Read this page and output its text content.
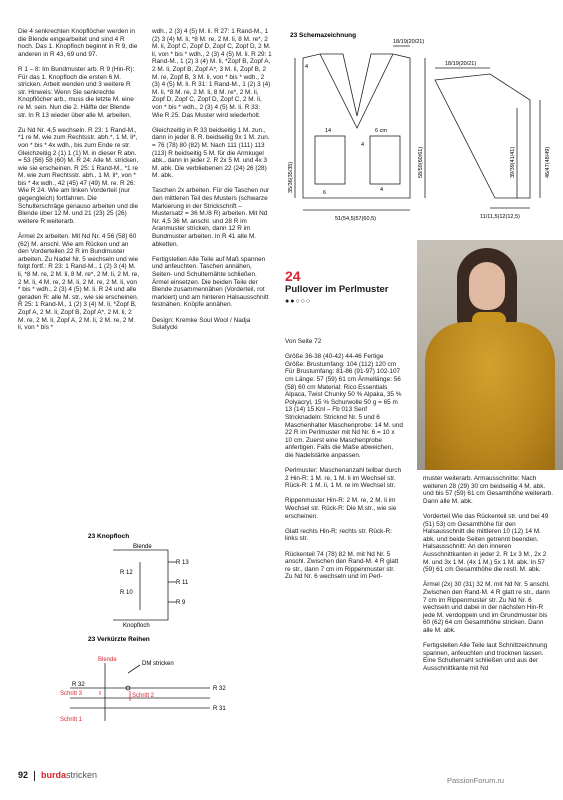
Die 4 senkrechten Knopflöcher werden in die Blende eingearbeitet und sind 4 R hoch. Das 1. Knopfloch beginnt in R 9, die anderen in R 43, 69 und 97.

R 1 – 8: Im Bundmuster arb. R 9 (Hin-R): Für das 1. Knopfloch die ersten 6 M. stricken. Arbeit wenden und 3 weitere R str. Hinweis: Wenn Sie senkrechte Knopflöcher arb., muss die letzte M. eine re M. sein. Nun die 2. Hälfte der Blende str. In R 13 wieder über alle M. arbeiten.

Zu Nd Nr. 4,5 wechseln. R 23: 1 Rand-M., *1 re M. wie zum Rechtsstr. abh.*, 1 M. li*, von * bis * 4x wdh., bis zum Ende re str. Gleichzeitig 2 (1) 1 (1) M. in dieser R abn. = 53 (56) 58 (60) M. R 24: Alle M. stricken, wie sie erscheinen. R 25: 1 Rand-M., *1 re M. wie zum Rechtsstr. abh., 1 M. li*, von * bis * 4x wdh., 42 (45) 47 (49) M. re. R 26: Wie R 24. Wie am linken Vorderteil (nur gegengleich) fortfahren. Die Schulterschräge genauso arbeiten und die Blende über 12 M. und 21 (23) 25 (26) weitere R weiterarb.

Ärmel 2x arbeiten. Mit Nd Nr. 4 56 (58) 60 (62) M. anschl. Wie am Rücken und an den Vorderteilen 22 R im Bundmuster arbeiten. Zu Nadel Nr. 5 wechseln und wie folgt fortf.: R 23: 1 Rand-M., 1 (2) 3 (4) M. li, *8 M. re, 2 M. li, 8 M. re*, 2 M. li, 2 M. re, 2 M. li, 4 M. re, 2 M. li, 2 M. re, 2 M. li, von * bis * wdh., 2 (3) 4 (5) M. li. R 24 und alle geraden R: alle M. str., wie sie erscheinen. R 25: 1 Rand-M., 1 (2) 3 (4) M. li, *Zopf B, Zopf A, 2 M. li, Zopf B, Zopf A*, 2 M. li, 2 M. re, 2 M. li, Zopf A, 2 M. li, 2 M. re, 2 M. li, von * bis *

wdh., 2 (3) 4 (5) M. li. R 27: 1 Rand-M., 1 (2) 3 (4) M. li, *8 M. re, 2 M. li, 8 M. re*, 2 M. li, Zopf C, Zopf D, Zopf C, Zopf D, 2 M. li, von * bis * wdh., 2 (3) 4 (5) M. li. R 29: 1 Rand-M., 1 (2) 3 (4) M. li, *Zopf B, Zopf A, 2 M. li, Zopf B, Zopf A*, 3 M. li, Zopf B, 2 M. re, Zopf B, 3 M. li, von * bis * wdh., 2 (3) 4 (5) M. li. R 31: 1 Rand-M., 1 (2) 3 (4) M. li, *8 M. re, 2 M. li, 8 M. re*, 2 M. li, Zopf D, Zopf C, Zopf D, Zopf C, 2 M. li, von * bis * wdh., 2 (3) 4 (5) M. li. R 33: Wie R 25. Das Muster wird wiederholt.

Gleichzeitig in R 33 beidseitig 1 M. zun., dann in jeder 8. R. beidseitig 9x 1 M. zun. = 76 (78) 80 (82) M. Nach 111 (111) 113 (113) R beidseitig 5 M. für die Armkugel abk., dann in jeder 2. R 2x 5 M. und 4x 3 M. abk. Die verbliebenen 22 (24) 26 (28) M. abk.

Taschen 2x arbeiten. Für die Taschen nur den mittleren Teil des Musters (schwarze Markierung in der Strickschrift – Mustersatz = 36 M./8 R) arbeiten. Mit Nd Nr. 4,5 36 M. anschl. und 28 R im Aranmuster stricken, dann 12 R im Bundmuster arbeiten. In R 41 alle M. abketten.

Fertigstellen Alle Teile auf Maß spannen und anfeuchten. Taschen annähen, Seiten- und Schulternähte schließen. Ärmel einsetzen. Die beiden Teile der Blende zusammennähen (Vorderteil, rot markiert) und am hinteren Halsausschnitt festnähen. Knöpfe annähen.

Design: Kremke Soul Wool / Nadja Sulatycki

23 Schemazeichnung
18/19(20/21)
18/19(20/21)
14	6 cm
4
4
4
6
35/36(35/35)	58/59(60/61)
51(54,5)57(60,5)
39/39(41/41)	46/47(48/49)
11/11,5)12(12,5)
24
Pullover im Perlmuster
●●○○○

Von Seite 72

Größe 36-38 (40-42) 44-46 Fertige Größe: Brustumfang: 104 (112) 120 cm Für Brustumfang: 81-86 (91-97) 102-107 cm Länge: 57 (59) 61 cm Ärmellänge: 56 (58) 60 cm Material: Rico Essentials Alpaca, Twist Chunky 50 % Alpaka, 35 % Polyacryl, 15 % Schurwolle 50 g = 65 m 13 (14) 15 Knl – Fb 013 Senf Stricknadeln: Stricknd Nr. 5 und 6 Maschenhalter Maschenprobe: 14 M. und 22 R im Perlmuster mit Nd Nr. 6 = 10 x 10 cm. Zuerst eine Maschenprobe anfertigen. Falls die Maße abweichen, die Nadelstärke anpassen.

Perlmuster: Maschenanzahl teilbar durch 2 Hin-R: 1 M. re, 1 M. li im Wechsel str. Rück-R: 1 M. li, 1 M. re im Wechsel str.

Rippenmuster Hin-R: 2 M. re, 2 M. li im Wechsel str. Rück-R: Die M.str., wie sie erscheinen.

Glatt rechts Hin-R: rechts str. Rück-R: links str.

Rückenteil 74 (78) 82 M. mit Nd Nr. 5 anschl. Zwischen den Rand-M. 4 R glatt re str., dann 7 cm im Rippenmuster str. Zu Nd Nr. 6 wechseln und im Perl-

muster weiterarb. Armausschnitte: Nach weiteren 28 (29) 30 cm beidseitig 4 M. abk. und bis 57 (59) 61 cm Gesamthöhe weiterarb. Dann alle M. abk.

Vorderteil Wie das Rückenteil str. und bei 49 (51) 53) cm Gesamthöhe für den Halsausschnitt die mittleren 10 (12) 14 M. abk. und beide Seiten getrennt beenden. Halsausschnitt: An den inneren Ausschnittkanten in jeder 2. R 1x 3 M., 2x 2 M. und 3x 1 M. (4x 1 M.) 5x 1 M. abk. In 57 (59) 61 cm Gesamthöhe die restl. M. abk.

Ärmel (2x) 30 (31) 32 M. mit Nd Nr. 5 anschl. Zwischen den Rand-M. 4 R glatt re str., dann 7 cm im Rippenmuster str. Zu Nd Nr. 6 wechseln und dabei in der nächsten Hin-R jede M. verdoppeln und im Grundmuster bis 60 (62) 64 cm Gesamthöhe stricken. Dann alle M. abk.

Fertigstellen Alle Teile laut Schnittzeichnung spannen, anfeuchten und trocknen lassen. Eine Schulternaht schließen und aus der Ausschnittkante mit Nd

23 Knopfloch
Blende
R 13
R 12
R 11
R 10
R 9
Knopfloch
23 Verkürzte Reihen
Blende
DM stricken
R 32
R 32
R 31
Schritt 3	Schritt 2
Schritt 1
92 burdastricken
PassionForum.ru
